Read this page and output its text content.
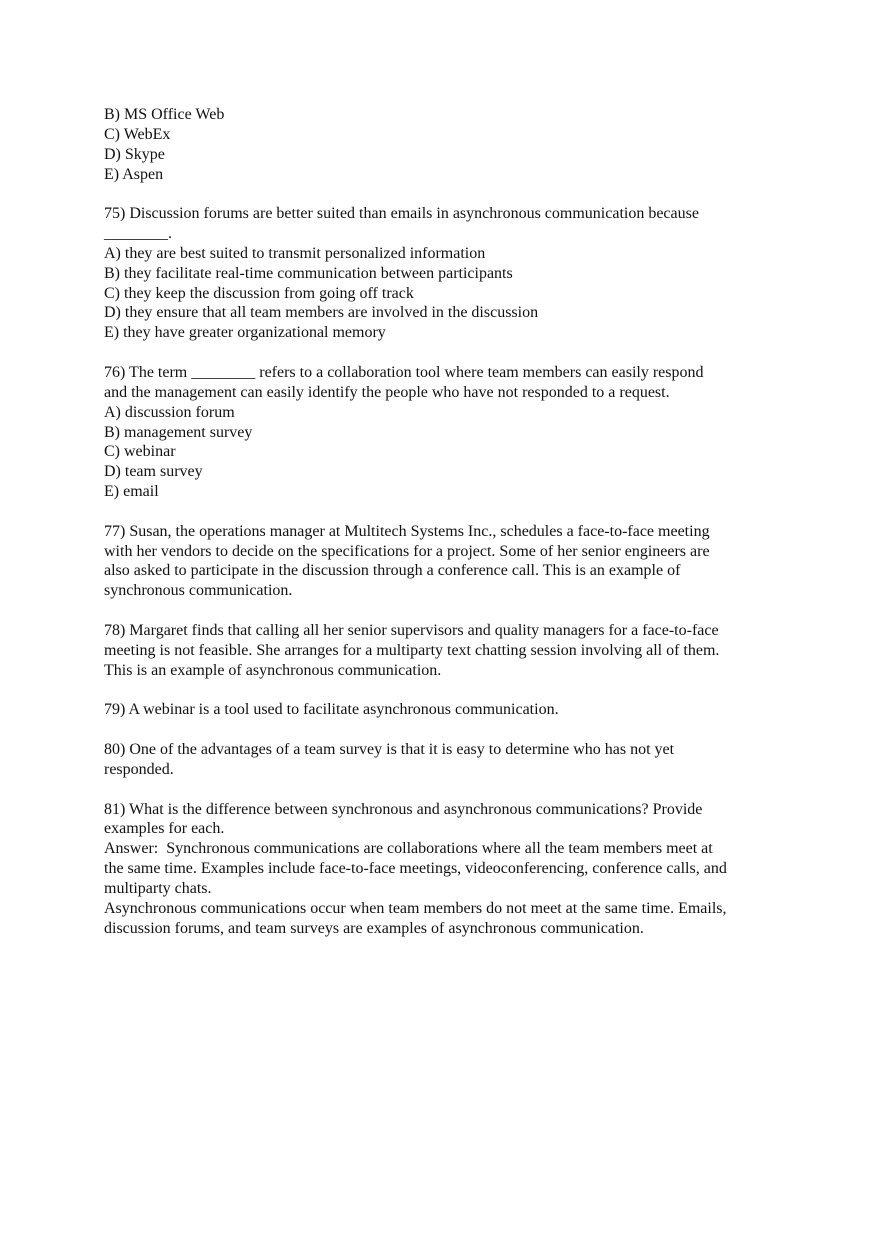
B) MS Office Web
C) WebEx
D) Skype
E) Aspen
75) Discussion forums are better suited than emails in asynchronous communication because
________.
A) they are best suited to transmit personalized information
B) they facilitate real-time communication between participants
C) they keep the discussion from going off track
D) they ensure that all team members are involved in the discussion
E) they have greater organizational memory
76) The term ________ refers to a collaboration tool where team members can easily respond
and the management can easily identify the people who have not responded to a request.
A) discussion forum
B) management survey
C) webinar
D) team survey
E) email
77) Susan, the operations manager at Multitech Systems Inc., schedules a face-to-face meeting
with her vendors to decide on the specifications for a project. Some of her senior engineers are
also asked to participate in the discussion through a conference call. This is an example of
synchronous communication.
78) Margaret finds that calling all her senior supervisors and quality managers for a face-to-face
meeting is not feasible. She arranges for a multiparty text chatting session involving all of them.
This is an example of asynchronous communication.
79) A webinar is a tool used to facilitate asynchronous communication.
80) One of the advantages of a team survey is that it is easy to determine who has not yet
responded.
81) What is the difference between synchronous and asynchronous communications? Provide
examples for each.
Answer:  Synchronous communications are collaborations where all the team members meet at
the same time. Examples include face-to-face meetings, videoconferencing, conference calls, and
multiparty chats.
Asynchronous communications occur when team members do not meet at the same time. Emails,
discussion forums, and team surveys are examples of asynchronous communication.
